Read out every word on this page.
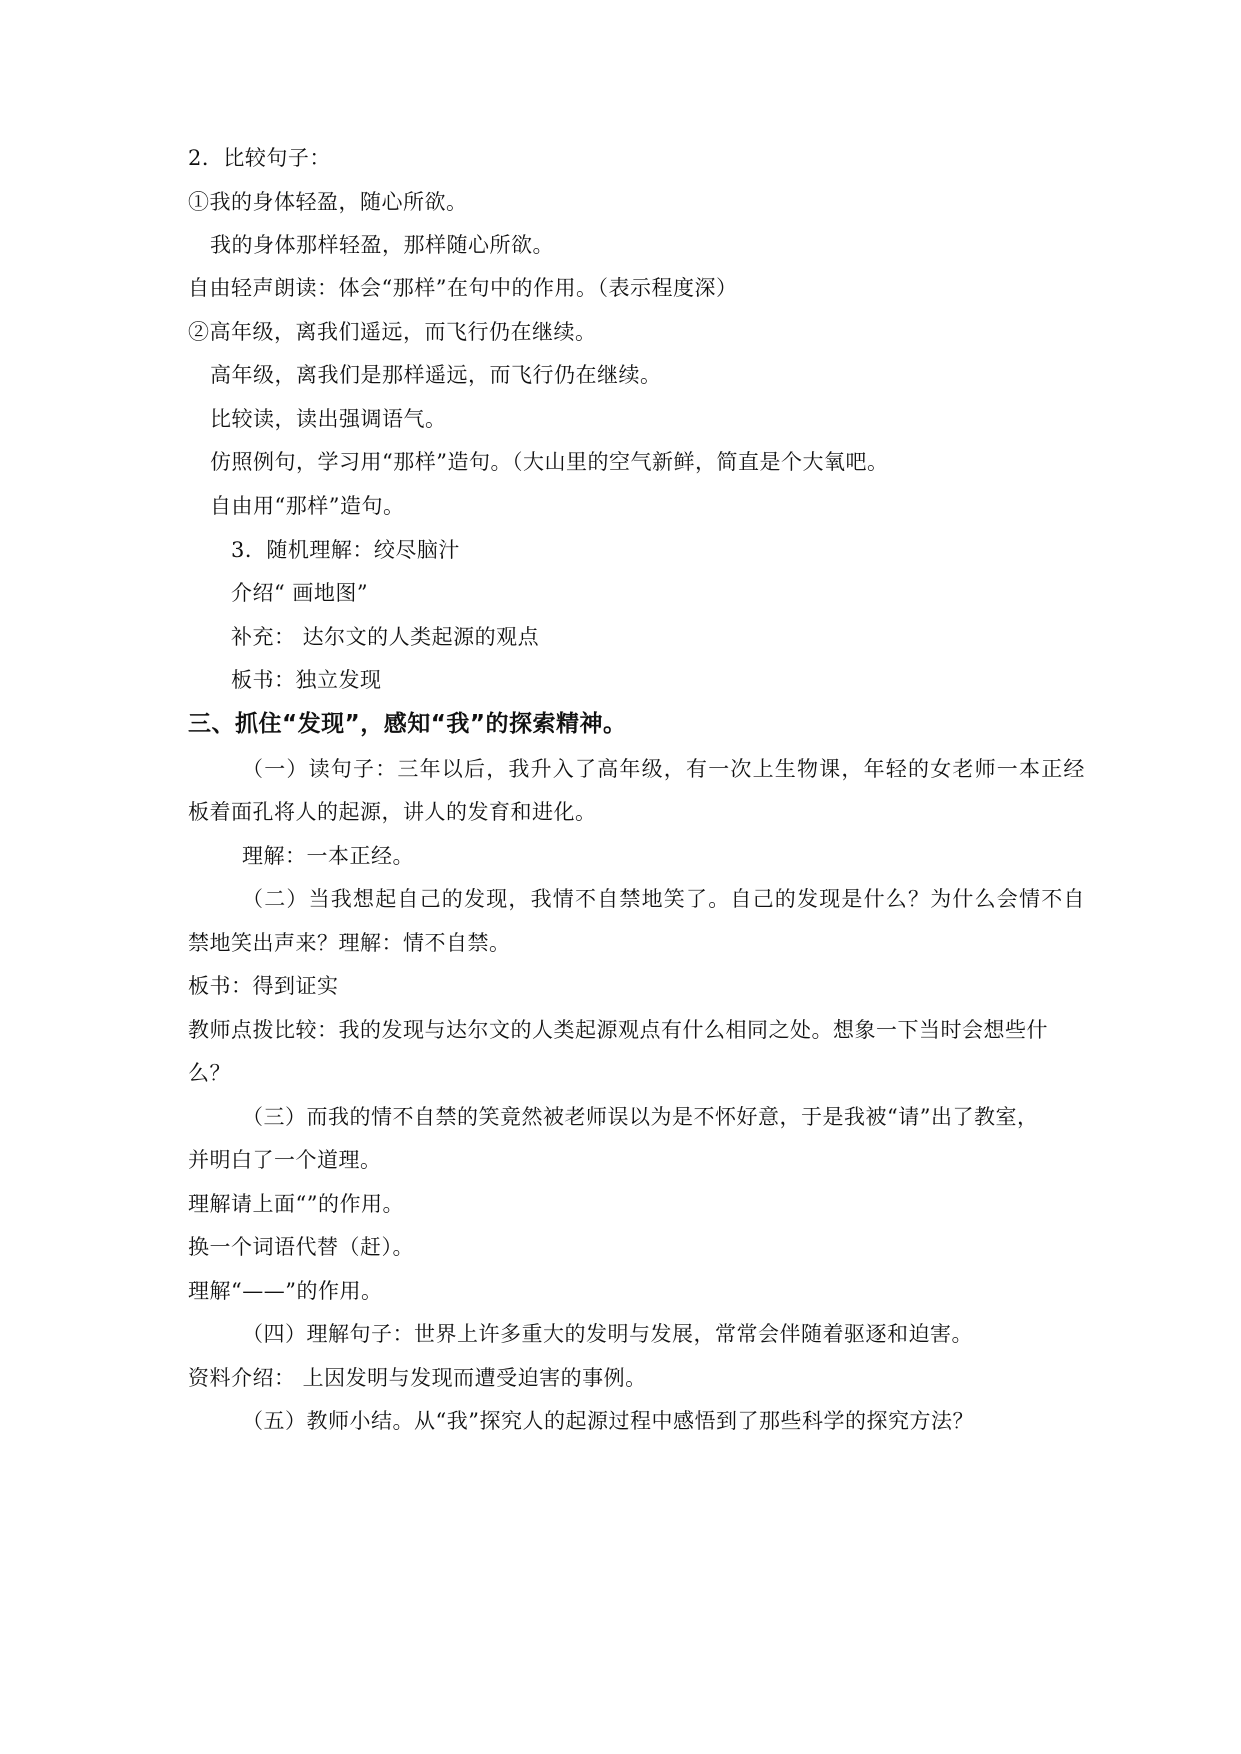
2．比较句子：
①我的身体轻盈，随心所欲。
我的身体那样轻盈，那样随心所欲。
自由轻声朗读：体会“那样”在句中的作用。（表示程度深）
②高年级，离我们遥远，而飞行仍在继续。
高年级，离我们是那样遥远，而飞行仍在继续。
比较读，读出强调语气。
仿照例句，学习用“那样”造句。（大山里的空气新鲜，简直是个大氧吧。
自由用“那样”造句。
3．随机理解：绞尽脑汁
介绍“ 画地图”
补充： 达尔文的人类起源的观点
板书：独立发现
三、抓住“发现”，感知“我”的探索精神。
（一）读句子：三年以后，我升入了高年级，有一次上生物课，年轻的女老师一本正经
板着面孔将人的起源，讲人的发育和进化。
理解：一本正经。
（二）当我想起自己的发现，我情不自禁地笑了。自己的发现是什么？为什么会情不自
禁地笑出声来？理解：情不自禁。
板书：得到证实
教师点拨比较：我的发现与达尔文的人类起源观点有什么相同之处。想象一下当时会想些什
么？
（三）而我的情不自禁的笑竟然被老师误以为是不怀好意，于是我被“请”出了教室，
并明白了一个道理。
理解请上面“”的作用。
换一个词语代替（赶）。
理解“——”的作用。
（四）理解句子：世界上许多重大的发明与发展，常常会伴随着驱逐和迫害。
资料介绍： 上因发明与发现而遭受迫害的事例。
（五）教师小结。从“我”探究人的起源过程中感悟到了那些科学的探究方法？
